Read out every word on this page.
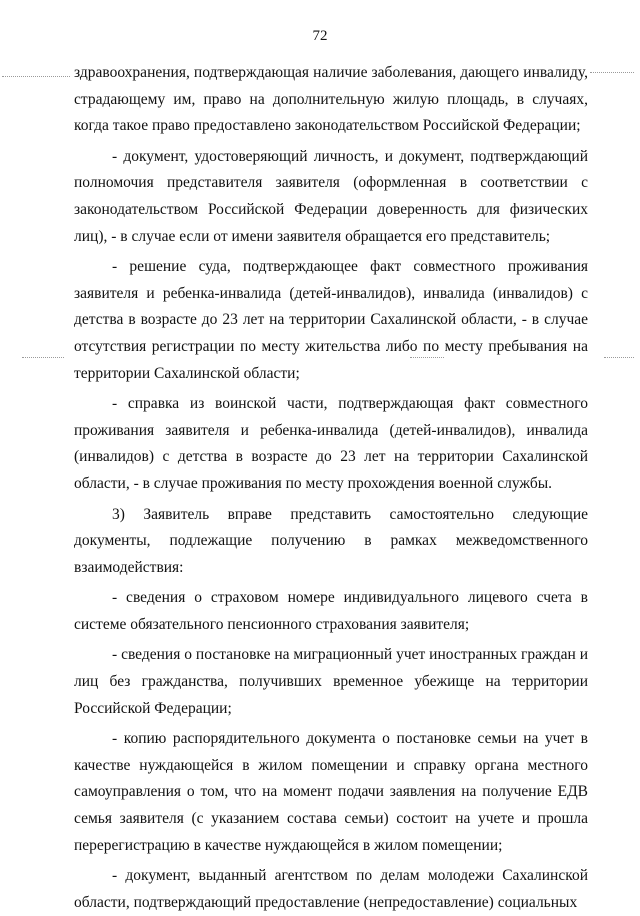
72

здравоохранения, подтверждающая наличие заболевания, дающего инвалиду, страдающему им, право на дополнительную жилую площадь, в случаях, когда такое право предоставлено законодательством Российской Федерации;

- документ, удостоверяющий личность, и документ, подтверждающий полномочия представителя заявителя (оформленная в соответствии с законодательством Российской Федерации доверенность для физических лиц), - в случае если от имени заявителя обращается его представитель;

- решение суда, подтверждающее факт совместного проживания заявителя и ребенка-инвалида (детей-инвалидов), инвалида (инвалидов) с детства в возрасте до 23 лет на территории Сахалинской области, - в случае отсутствия регистрации по месту жительства либо по месту пребывания на территории Сахалинской области;

- справка из воинской части, подтверждающая факт совместного проживания заявителя и ребенка-инвалида (детей-инвалидов), инвалида (инвалидов) с детства в возрасте до 23 лет на территории Сахалинской области, - в случае проживания по месту прохождения военной службы.

3) Заявитель вправе представить самостоятельно следующие документы, подлежащие получению в рамках межведомственного взаимодействия:

- сведения о страховом номере индивидуального лицевого счета в системе обязательного пенсионного страхования заявителя;

- сведения о постановке на миграционный учет иностранных граждан и лиц без гражданства, получивших временное убежище на территории Российской Федерации;

- копию распорядительного документа о постановке семьи на учет в качестве нуждающейся в жилом помещении и справку органа местного самоуправления о том, что на момент подачи заявления на получение ЕДВ семья заявителя (с указанием состава семьи) состоит на учете и прошла перерегистрацию в качестве нуждающейся в жилом помещении;

- документ, выданный агентством по делам молодежи Сахалинской области, подтверждающий предоставление (непредоставление) социальных
